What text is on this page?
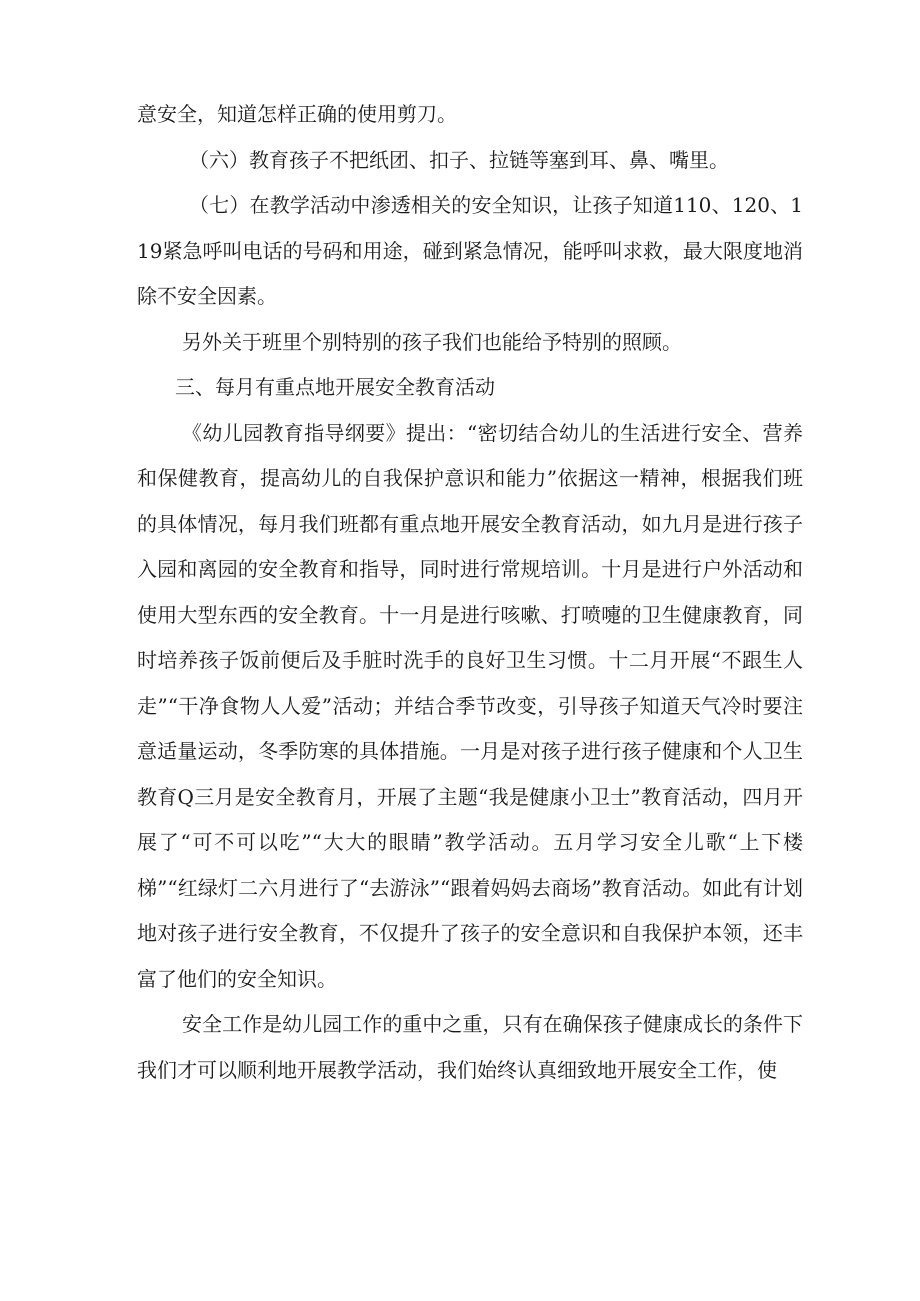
意安全，知道怎样正确的使用剪刀。

（六）教育孩子不把纸团、扣子、拉链等塞到耳、鼻、嘴里。

（七）在教学活动中渗透相关的安全知识，让孩子知道110、120、119紧急呼叫电话的号码和用途，碰到紧急情况，能呼叫求救，最大限度地消除不安全因素。

另外关于班里个别特别的孩子我们也能给予特别的照顾。

三、每月有重点地开展安全教育活动

《幼儿园教育指导纲要》提出：“密切结合幼儿的生活进行安全、营养和保健教育，提高幼儿的自我保护意识和能力”依据这一精神，根据我们班的具体情况，每月我们班都有重点地开展安全教育活动，如九月是进行孩子入园和离园的安全教育和指导，同时进行常规培训。十月是进行户外活动和使用大型东西的安全教育。十一月是进行咳嗽、打喷嚏的卫生健康教育，同时培养孩子饭前便后及手脏时洗手的良好卫生习惯。十二月开展“不跟生人走”“干净食物人人爱”活动；并结合季节改变，引导孩子知道天气冷时要注意适量运动，冬季防寒的具体措施。一月是对孩子进行孩子健康和个人卫生教育Q三月是安全教育月，开展了主题“我是健康小卫士”教育活动，四月开展了“可不可以吃”“大大的眼睛”教学活动。五月学习安全儿歌“上下楼梯”“红绿灯二六月进行了“去游泳”“跟着妈妈去商场”教育活动。如此有计划地对孩子进行安全教育，不仅提升了孩子的安全意识和自我保护本领，还丰富了他们的安全知识。

安全工作是幼儿园工作的重中之重，只有在确保孩子健康成长的条件下我们才可以顺利地开展教学活动，我们始终认真细致地开展安全工作，使
